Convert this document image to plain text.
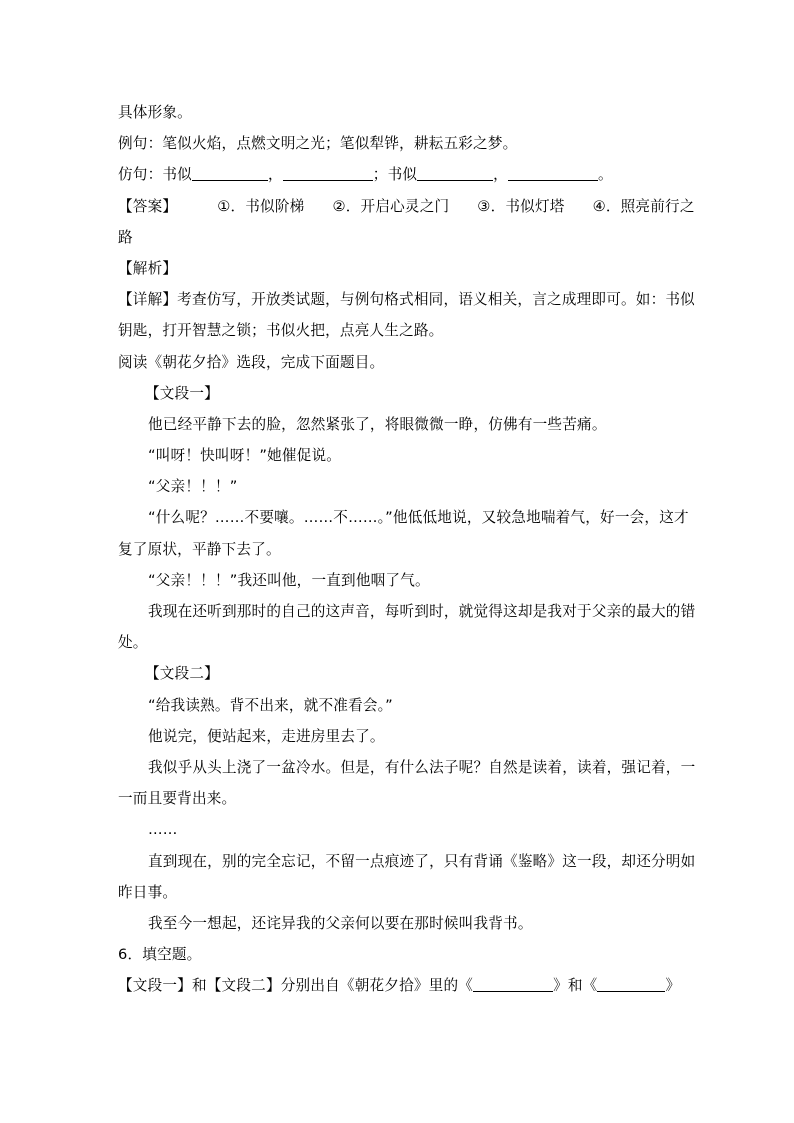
具体形象。
例句：笔似火焰，点燃文明之光；笔似犁铧，耕耘五彩之梦。
仿句：书似	，	；书似	，	。
【答案】	①．书似阶梯 ②．开启心灵之门 ③．书似灯塔 ④．照亮前行之
路
【解析】
【详解】考查仿写，开放类试题，与例句格式相同，语义相关，言之成理即可。如：书似
钥匙，打开智慧之锁；书似火把，点亮人生之路。
阅读《朝花夕拾》选段，完成下面题目。
【文段一】
他已经平静下去的脸，忽然紧张了，将眼微微一睁，仿佛有一些苦痛。
“叫呀！快叫呀！”她催促说。
“父亲！！！”
“什么呢？……不要嚷。……不……。”他低低地说，又较急地喘着气，好一会，这才
复了原状，平静下去了。
“父亲！！！”我还叫他，一直到他咽了气。
我现在还听到那时的自己的这声音，每听到时，就觉得这却是我对于父亲的最大的错
处。
【文段二】
“给我读熟。背不出来，就不准看会。”
他说完，便站起来，走进房里去了。
我似乎从头上浇了一盆冷水。但是，有什么法子呢？自然是读着，读着，强记着，一
一而且要背出来。
……
直到现在，别的完全忘记，不留一点痕迹了，只有背诵《鉴略》这一段，却还分明如
昨日事。
我至今一想起，还诧异我的父亲何以要在那时候叫我背书。
6．填空题。
【文段一】和【文段二】分别出自《朝花夕拾》里的《	》和《	》
